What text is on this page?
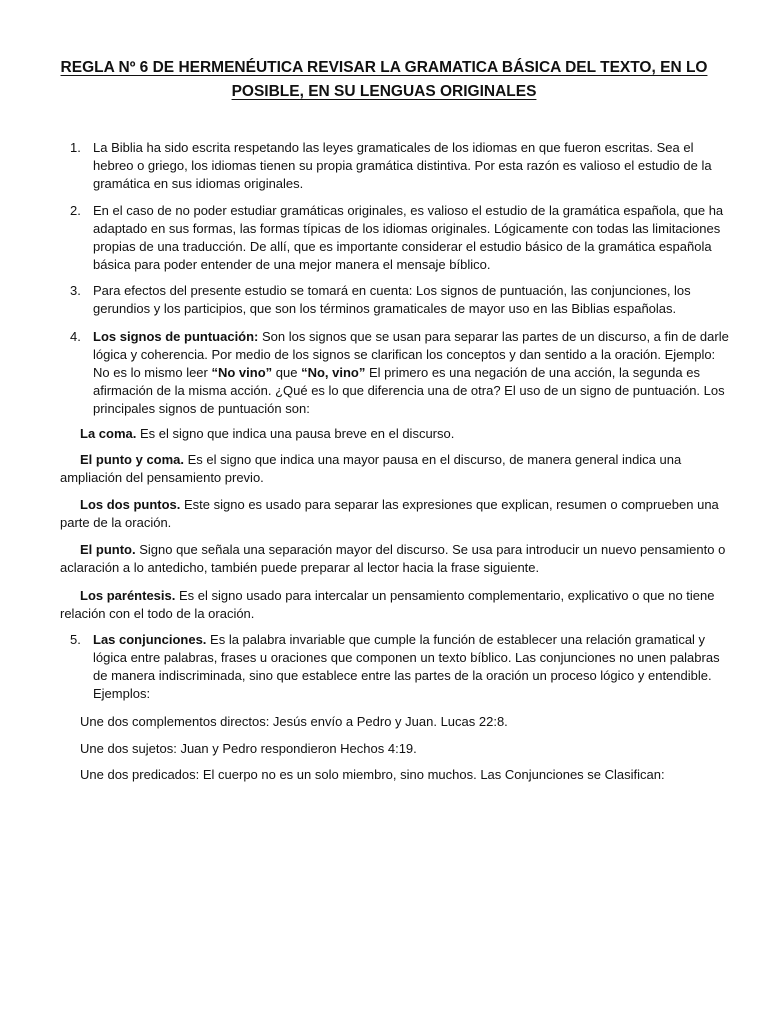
REGLA Nº 6 DE HERMENÉUTICA REVISAR LA GRAMATICA BÁSICA DEL TEXTO, EN LO POSIBLE, EN SU LENGUAS ORIGINALES
1. La Biblia ha sido escrita respetando las leyes gramaticales de los idiomas en que fueron escritas. Sea el hebreo o griego, los idiomas tienen su propia gramática distintiva. Por esta razón es valioso el estudio de la gramática en sus idiomas originales.
2. En el caso de no poder estudiar gramáticas originales, es valioso el estudio de la gramática española, que ha adaptado en sus formas, las formas típicas de los idiomas originales. Lógicamente con todas las limitaciones propias de una traducción. De allí, que es importante considerar el estudio básico de la gramática española básica para poder entender de una mejor manera el mensaje bíblico.
3. Para efectos del presente estudio se tomará en cuenta: Los signos de puntuación, las conjunciones, los gerundios y los participios, que son los términos gramaticales de mayor uso en las Biblias españolas.
4. Los signos de puntuación: Son los signos que se usan para separar las partes de un discurso, a fin de darle lógica y coherencia. Por medio de los signos se clarifican los conceptos y dan sentido a la oración. Ejemplo: No es lo mismo leer “No vino” que “No, vino” El primero es una negación de una acción, la segunda es afirmación de la misma acción. ¿Qué es lo que diferencia una de otra? El uso de un signo de puntuación. Los principales signos de puntuación son:
La coma. Es el signo que indica una pausa breve en el discurso.
El punto y coma. Es el signo que indica una mayor pausa en el discurso, de manera general indica una ampliación del pensamiento previo.
Los dos puntos. Este signo es usado para separar las expresiones que explican, resumen o comprueben una parte de la oración.
El punto. Signo que señala una separación mayor del discurso. Se usa para introducir un nuevo pensamiento o aclaración a lo antedicho, también puede preparar al lector hacia la frase siguiente.
Los paréntesis. Es el signo usado para intercalar un pensamiento complementario, explicativo o que no tiene relación con el todo de la oración.
5. Las conjunciones. Es la palabra invariable que cumple la función de establecer una relación gramatical y lógica entre palabras, frases u oraciones que componen un texto bíblico. Las conjunciones no unen palabras de manera indiscriminada, sino que establece entre las partes de la oración un proceso lógico y entendible. Ejemplos:
Une dos complementos directos: Jesús envío a Pedro y Juan. Lucas 22:8.
Une dos sujetos: Juan y Pedro respondieron Hechos 4:19.
Une dos predicados: El cuerpo no es un solo miembro, sino muchos. Las Conjunciones se Clasifican:
